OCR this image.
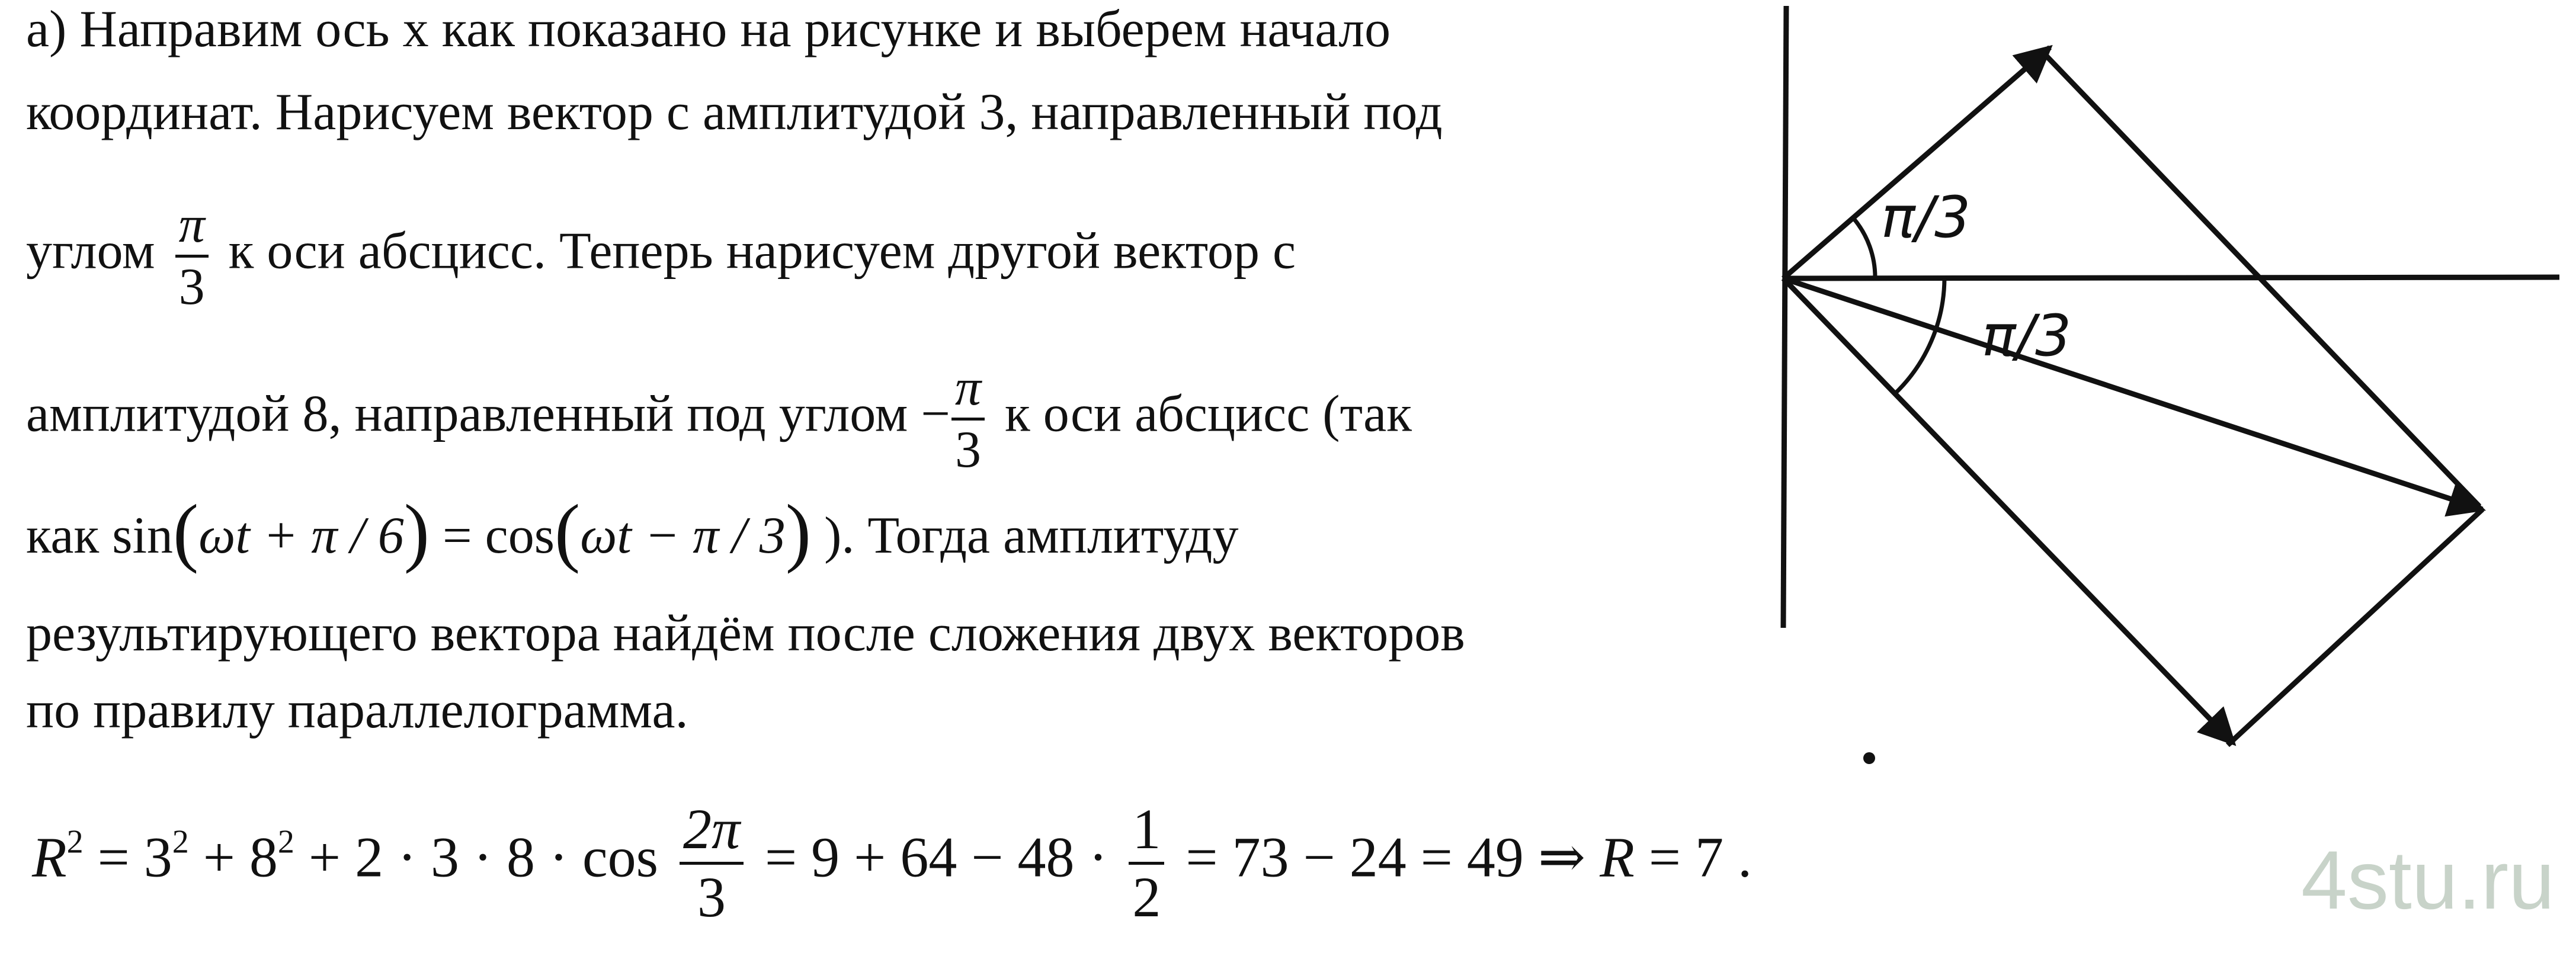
а) Направим ось x как показано на рисунке и выберем начало
координат. Нарисуем вектор с амплитудой 3, направленный под
углом $\frac{\pi}{3}$ к оси абсцисс. Теперь нарисуем другой вектор с
амплитудой 8, направленный под углом − $\frac{\pi}{3}$ к оси абсцисс (так
как sin(ωt + π / 6) = cos(ωt − π / 3) ). Тогда амплитуду
результирующего вектора найдём после сложения двух векторов
по правилу параллелограмма.
$R^2 = 3^2 + 8^2 + 2 \cdot 3 \cdot 8 \cdot \cos \frac{2\pi}{3} = 9 + 64 - 48 \cdot \frac{1}{2} = 73 - 24 = 49$ ⇒ R = 7 .
π/3
π/3
4stu.ru
